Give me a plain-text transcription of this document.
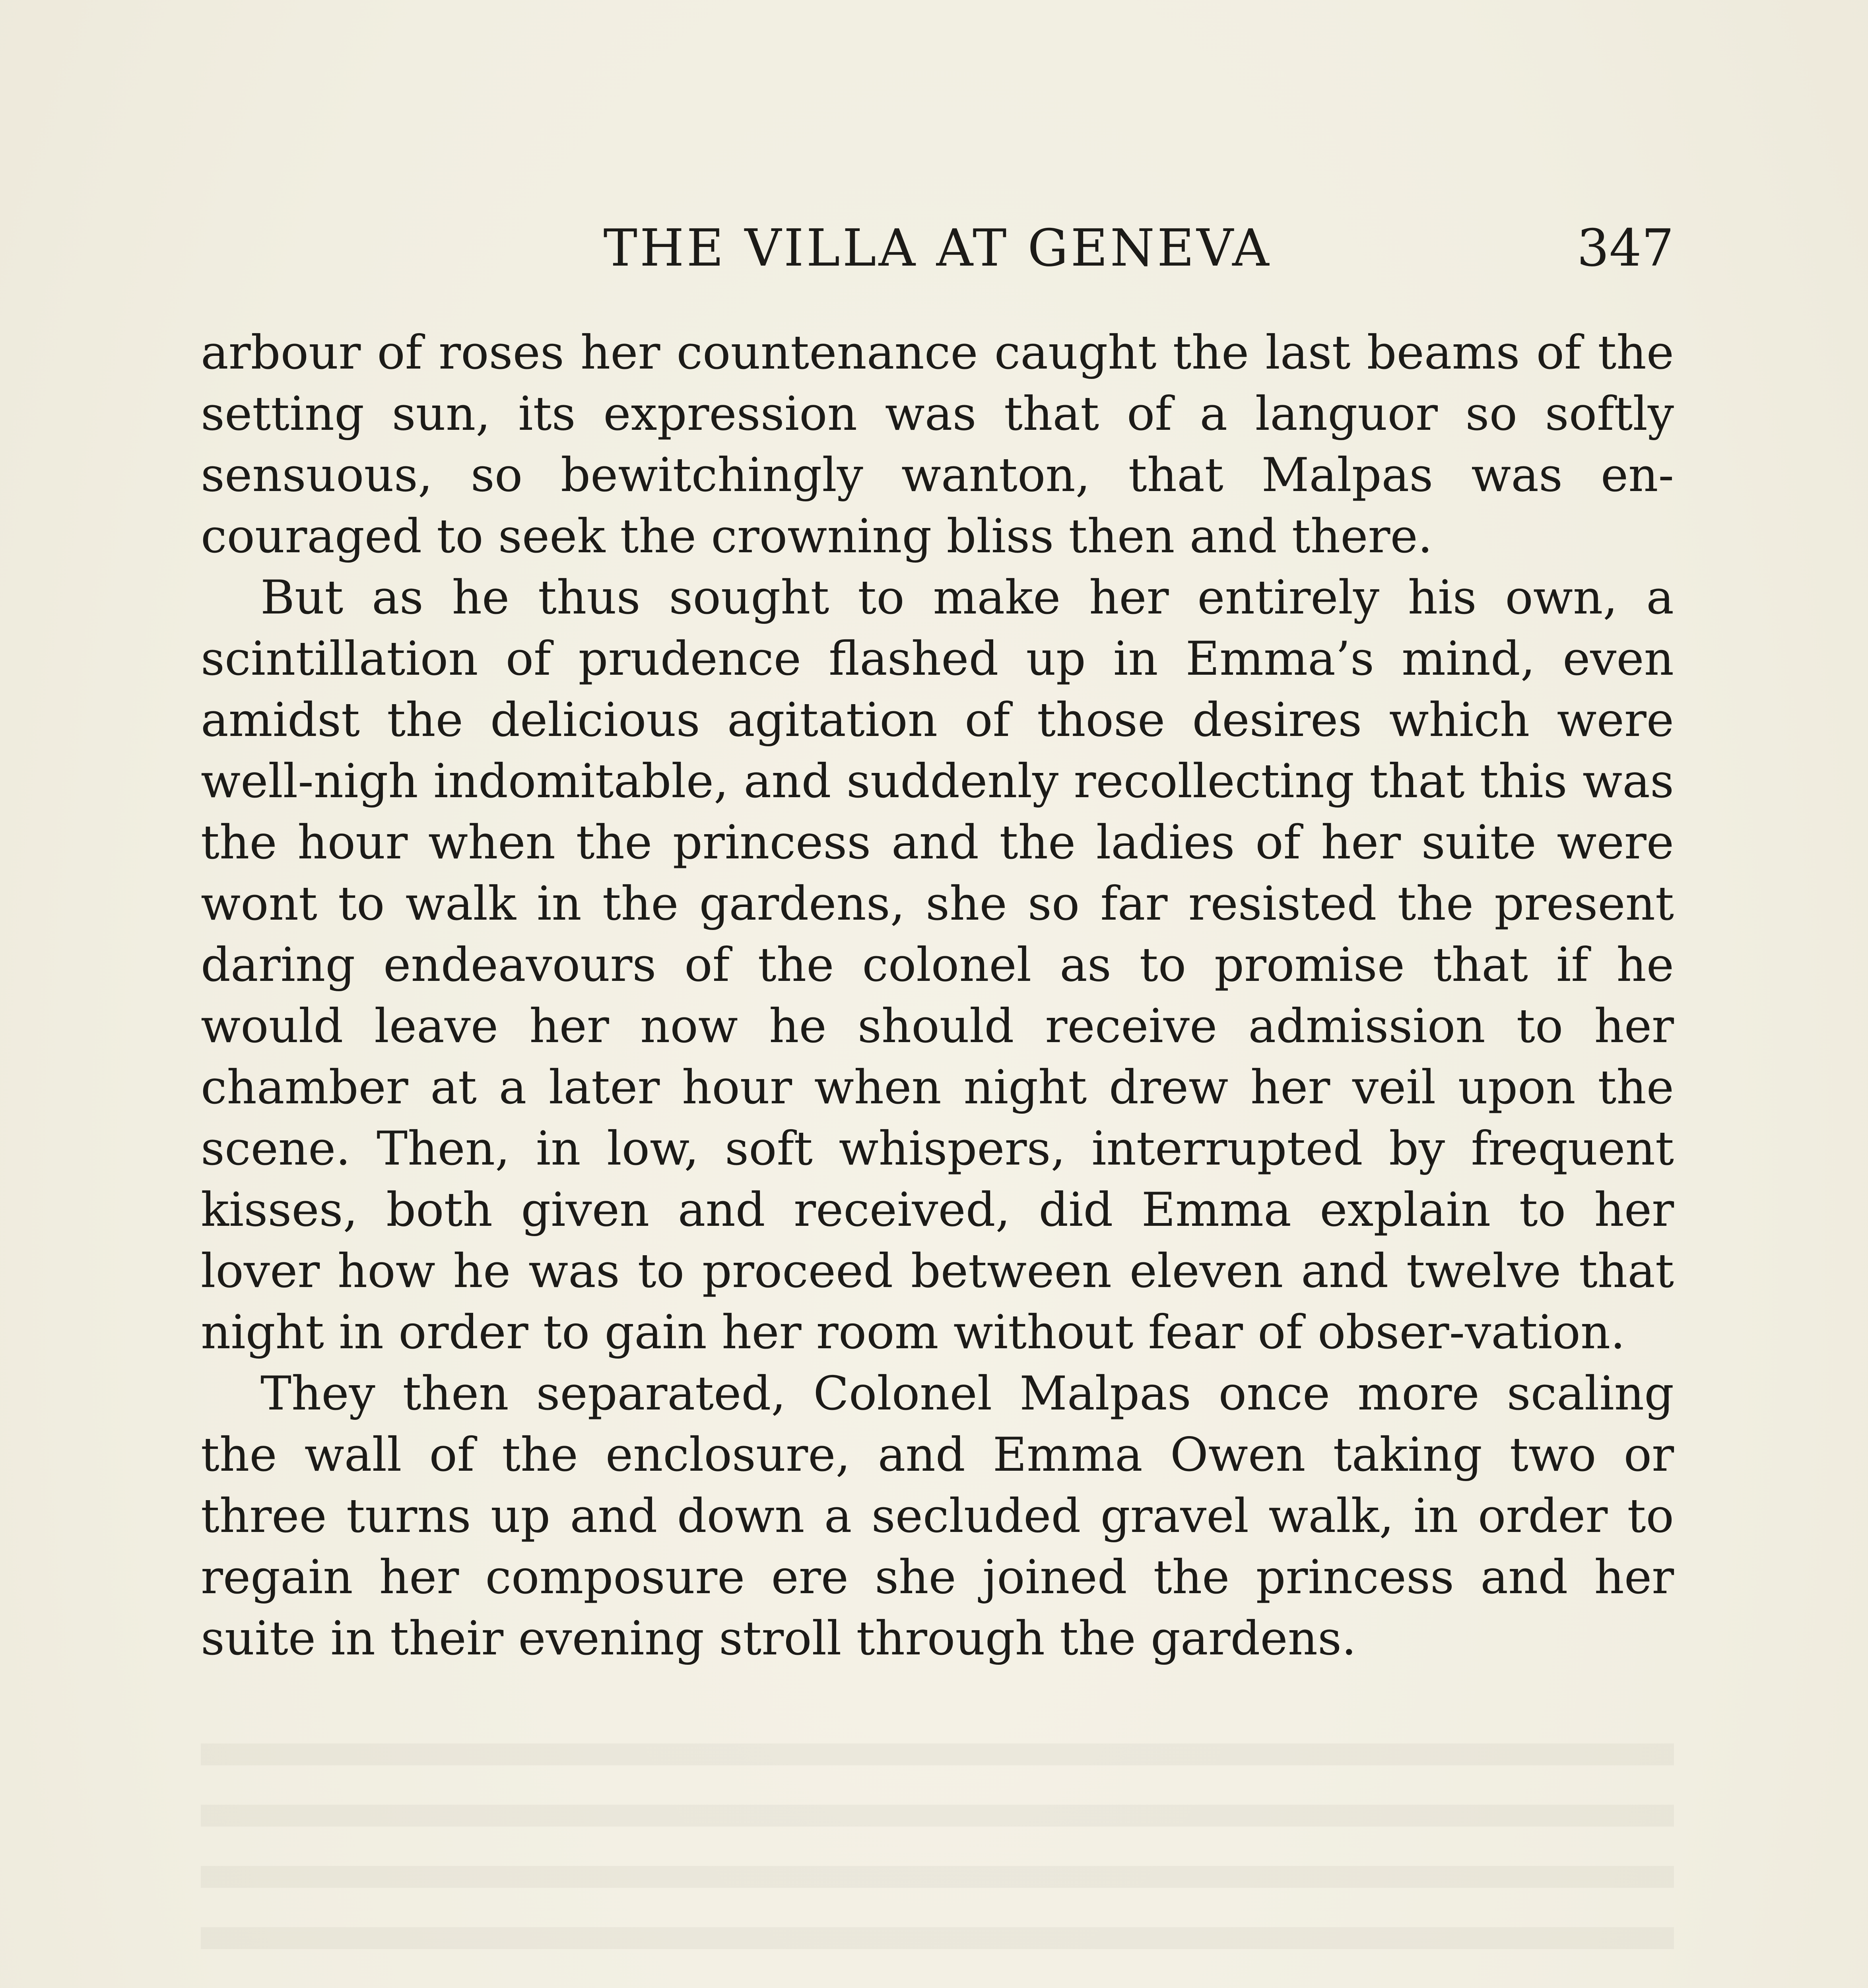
THE VILLA AT GENEVA	347

arbour of roses her countenance caught the last beams of the setting sun, its expression was that of a languor so softly sensuous, so bewitchingly wanton, that Malpas was en-couraged to seek the crowning bliss then and there.

But as he thus sought to make her entirely his own, a scintillation of prudence flashed up in Emma’s mind, even amidst the delicious agitation of those desires which were well-nigh indomitable, and suddenly recollecting that this was the hour when the princess and the ladies of her suite were wont to walk in the gardens, she so far resisted the present daring endeavours of the colonel as to promise that if he would leave her now he should receive admission to her chamber at a later hour when night drew her veil upon the scene. Then, in low, soft whispers, interrupted by frequent kisses, both given and received, did Emma explain to her lover how he was to proceed between eleven and twelve that night in order to gain her room without fear of obser-vation.

They then separated, Colonel Malpas once more scaling the wall of the enclosure, and Emma Owen taking two or three turns up and down a secluded gravel walk, in order to regain her composure ere she joined the princess and her suite in their evening stroll through the gardens.
